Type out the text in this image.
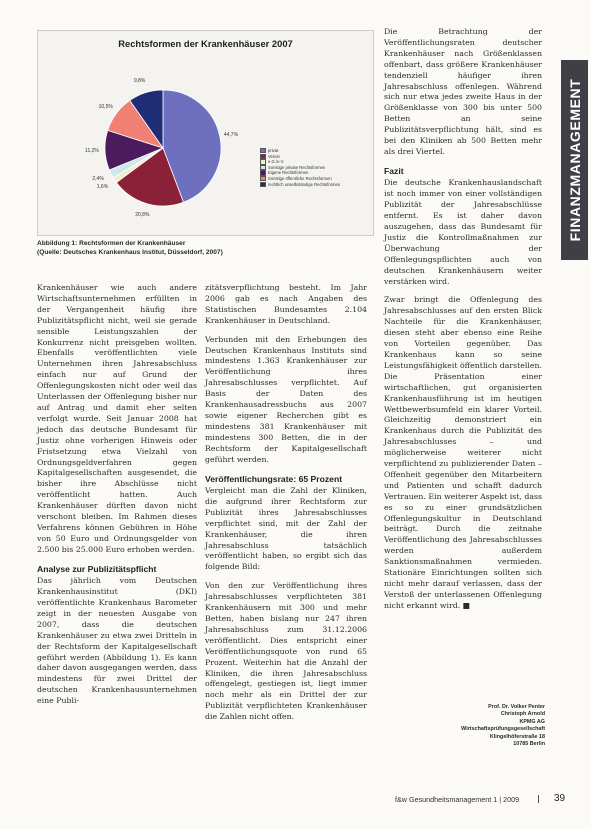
Rechtsformen der Krankenhäuser 2007
44,7%
20,8%
1,6%
2,4%
11,2%
10,5%
9,8%
privat
Verein
e.G./e.V.
Sonstige private Rechtsformen
Eigene Rechtsformen
Sonstige öffentliche Rechtsformen
rechtlich unselbständige Rechtsformen
Abbildung 1: Rechtsformen der Krankenhäuser
(Quelle: Deutsches Krankenhaus Institut, Düsseldorf, 2007)

Krankenhäuser wie auch andere Wirtschaftsunternehmen erfüllten in der Vergangenheit häufig ihre Publizitätspflicht nicht, weil sie gerade sensible Leistungszahlen der Konkurrenz nicht preisgeben wollten. Ebenfalls veröffentlichten viele Unternehmen ihren Jahresabschluss einfach nur auf Grund der Offenlegungskosten nicht oder weil das Unterlassen der Offenlegung bisher nur auf Antrag und damit eher selten verfolgt wurde. Seit Januar 2008 hat jedoch das deutsche Bundesamt für Justiz ohne vorherigen Hinweis oder Fristsetzung etwa Vielzahl von Ordnungsgeldverfahren gegen Kapitalgesellschaften ausgesendet, die bisher ihre Abschlüsse nicht veröffentlicht hatten. Auch Krankenhäuser dürften davon nicht verschont bleiben. Im Rahmen dieses Verfahrens können Gebühren in Höhe von 50 Euro und Ordnungsgelder von 2.500 bis 25.000 Euro erhoben werden.

Analyse zur Publizitätspflicht

Das jährlich vom Deutschen Krankenhausinstitut (DKI) veröffentlichte Krankenhaus Barometer zeigt in der neuesten Ausgabe von 2007, dass die deutschen Krankenhäuser zu etwa zwei Dritteln in der Rechtsform der Kapitalgesellschaft geführt werden (Abbildung 1). Es kann daher davon ausgegangen werden, dass mindestens für zwei Drittel der deutschen Krankenhausunternehmen eine Publi-

zitätsverpflichtung besteht. Im Jahr 2006 gab es nach Angaben des Statistischen Bundesamtes 2.104 Krankenhäuser in Deutschland.

Verbunden mit den Erhebungen des Deutschen Krankenhaus Instituts sind mindestens 1.363 Krankenhäuser zur Veröffentlichung ihres Jahresabschlusses verpflichtet. Auf Basis der Daten des Krankenhausadressbuchs aus 2007 sowie eigener Recherchen gibt es mindestens 381 Krankenhäuser mit mindestens 300 Betten, die in der Rechtsform der Kapitalgesellschaft geführt werden.

Veröffentlichungsrate: 65 Prozent

Vergleicht man die Zahl der Kliniken, die aufgrund ihrer Rechtsform zur Publizität ihres Jahresabschlusses verpflichtet sind, mit der Zahl der Krankenhäuser, die ihren Jahresabschluss tatsächlich veröffentlicht haben, so ergibt sich das folgende Bild:

Von den zur Veröffentlichung ihres Jahresabschlusses verpflichteten 381 Krankenhäusern mit 300 und mehr Betten, haben bislang nur 247 ihren Jahresabschluss zum 31.12.2006 veröffentlicht. Dies entspricht einer Veröffentlichungsquote von rund 65 Prozent. Weiterhin hat die Anzahl der Kliniken, die ihren Jahresabschluss offengelegt, gestiegen ist, liegt immer noch mehr als ein Drittel der zur Publizität verpflichteten Krankenhäuser die Zahlen nicht offen.

Die Betrachtung der Veröffentlichungsraten deutscher Krankenhäuser nach Größenklassen offenbart, dass größere Krankenhäuser tendenziell häufiger ihren Jahresabschluss offenlegen. Während sich nur etwa jedes zweite Haus in der Größenklasse von 300 bis unter 500 Betten an seine Publizitätsverpflichtung hält, sind es bei den Kliniken ab 500 Betten mehr als drei Viertel.

Fazit

Die deutsche Krankenhauslandschaft ist noch immer von einer vollständigen Publizität der Jahresabschlüsse entfernt. Es ist daher davon auszugehen, dass das Bundesamt für Justiz die Kontrollmaßnahmen zur Überwachung der Offenlegungspflichten auch von deutschen Krankenhäusern weiter verstärken wird.

Zwar bringt die Offenlegung des Jahresabschlusses auf den ersten Blick Nachteile für die Krankenhäuser, diesen steht aber ebenso eine Reihe von Vorteilen gegenüber. Das Krankenhaus kann so seine Leistungsfähigkeit öffentlich darstellen. Die Präsentation einer wirtschaftlichen, gut organisierten Krankenhausführung ist im heutigen Wettbewerbsumfeld ein klarer Vorteil. Gleichzeitig demonstriert ein Krankenhaus durch die Publizität des Jahresabschlusses – und möglicherweise weiterer nicht verpflichtend zu publizierender Daten – Offenheit gegenüber den Mitarbeitern und Patienten und schafft dadurch Vertrauen. Ein weiterer Aspekt ist, dass es so zu einer grundsätzlichen Offenlegungskultur in Deutschland beiträgt. Durch die zeitnahe Veröffentlichung des Jahresabschlusses werden außerdem Sanktionsmaßnahmen vermieden. Stationäre Einrichtungen sollten sich nicht mehr darauf verlassen, dass der Verstoß der unterlassenen Offenlegung nicht erkannt wird. ■

FINANZMANAGEMENT
Prof. Dr. Volker Penter
Christoph Arnold
KPMG AG
Wirtschaftsprüfungsgesellschaft
Klingelhöferstraße 18
10785 Berlin
f&w Gesundheitsmanagement 1 | 2009	39
